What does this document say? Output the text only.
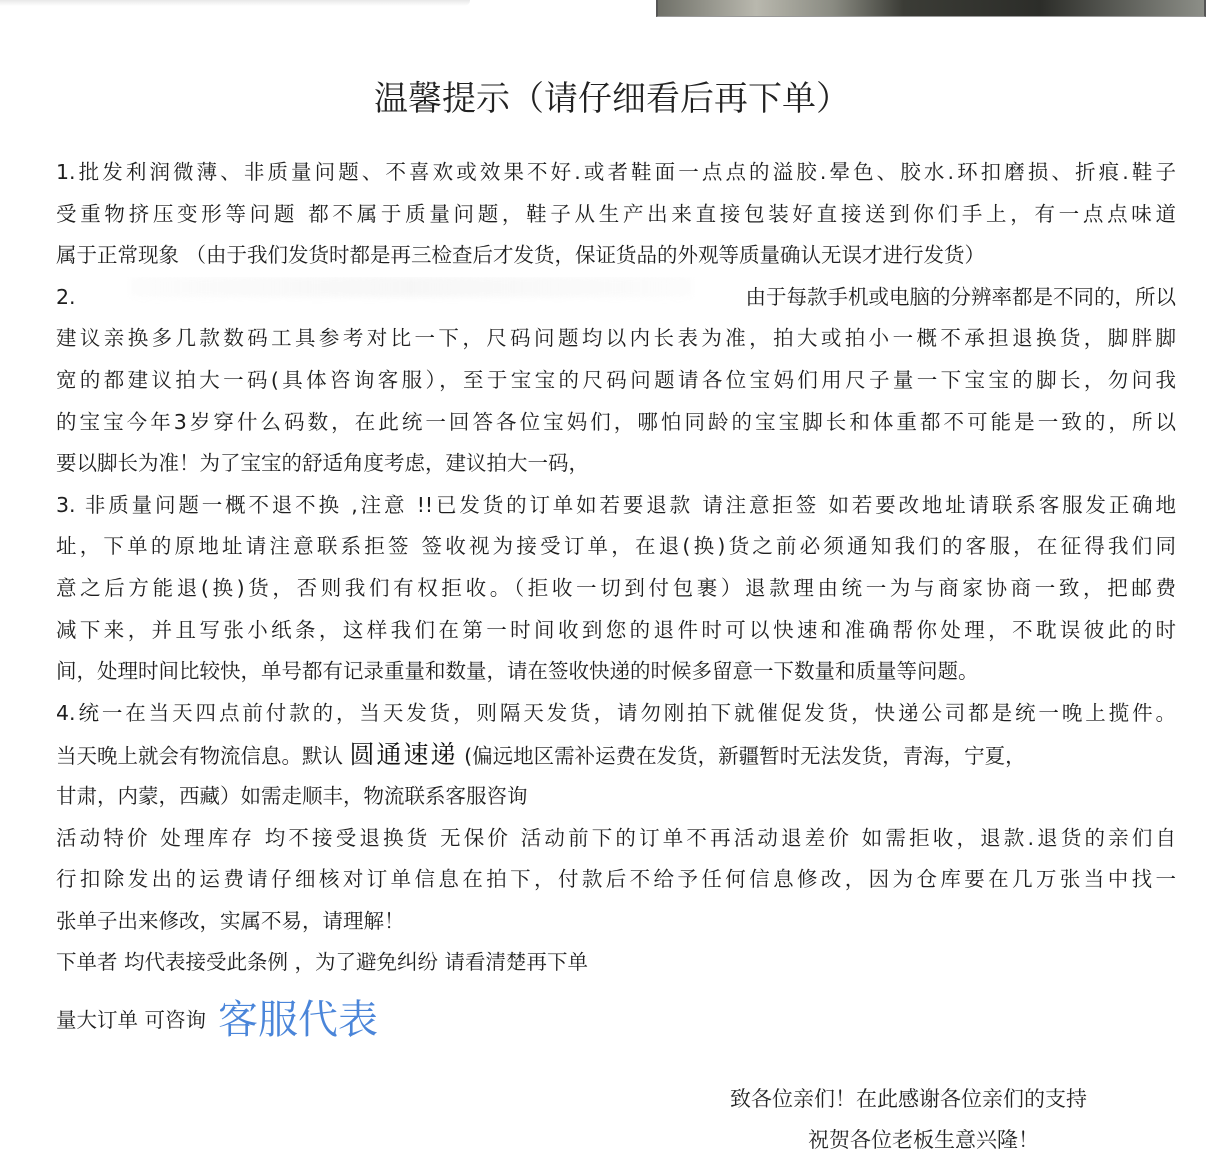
温馨提示（请仔细看后再下单）
1.批发利润微薄、非质量问题、不喜欢或效果不好.或者鞋面一点点的溢胶.晕色、胶水.环扣磨损、折痕.鞋子
受重物挤压变形等问题 都不属于质量问题，鞋子从生产出来直接包装好直接送到你们手上，有一点点味道
属于正常现象 （由于我们发货时都是再三检查后才发货，保证货品的外观等质量确认无误才进行发货）
2.	由于每款手机或电脑的分辨率都是不同的，所以
建议亲换多几款数码工具参考对比一下，尺码问题均以内长表为准，拍大或拍小一概不承担退换货，脚胖脚
宽的都建议拍大一码(具体咨询客服），至于宝宝的尺码问题请各位宝妈们用尺子量一下宝宝的脚长，勿问我
的宝宝今年3岁穿什么码数，在此统一回答各位宝妈们，哪怕同龄的宝宝脚长和体重都不可能是一致的，所以
要以脚长为准！为了宝宝的舒适角度考虑，建议拍大一码，
3. 非质量问题一概不退不换 ,注意 !!已发货的订单如若要退款 请注意拒签 如若要改地址请联系客服发正确地
址，下单的原地址请注意联系拒签 签收视为接受订单，在退(换)货之前必须通知我们的客服，在征得我们同
意之后方能退(换)货，否则我们有权拒收。（拒收一切到付包裹）退款理由统一为与商家协商一致，把邮费
减下来，并且写张小纸条，这样我们在第一时间收到您的退件时可以快速和准确帮你处理，不耽误彼此的时
间，处理时间比较快，单号都有记录重量和数量，请在签收快递的时候多留意一下数量和质量等问题。
4.统一在当天四点前付款的，当天发货，则隔天发货，请勿刚拍下就催促发货，快递公司都是统一晚上揽件。
当天晚上就会有物流信息。默认 圆通速递 (偏远地区需补运费在发货，新疆暂时无法发货，青海，宁夏，
甘肃，内蒙，西藏）如需走顺丰，物流联系客服咨询
活动特价 处理库存 均不接受退换货 无保价 活动前下的订单不再活动退差价 如需拒收，退款.退货的亲们自
行扣除发出的运费请仔细核对订单信息在拍下，付款后不给予任何信息修改，因为仓库要在几万张当中找一
张单子出来修改，实属不易，请理解！
下单者 均代表接受此条例 ，为了避免纠纷 请看清楚再下单
量大订单 可咨询 客服代表
致各位亲们！在此感谢各位亲们的支持
祝贺各位老板生意兴隆！
